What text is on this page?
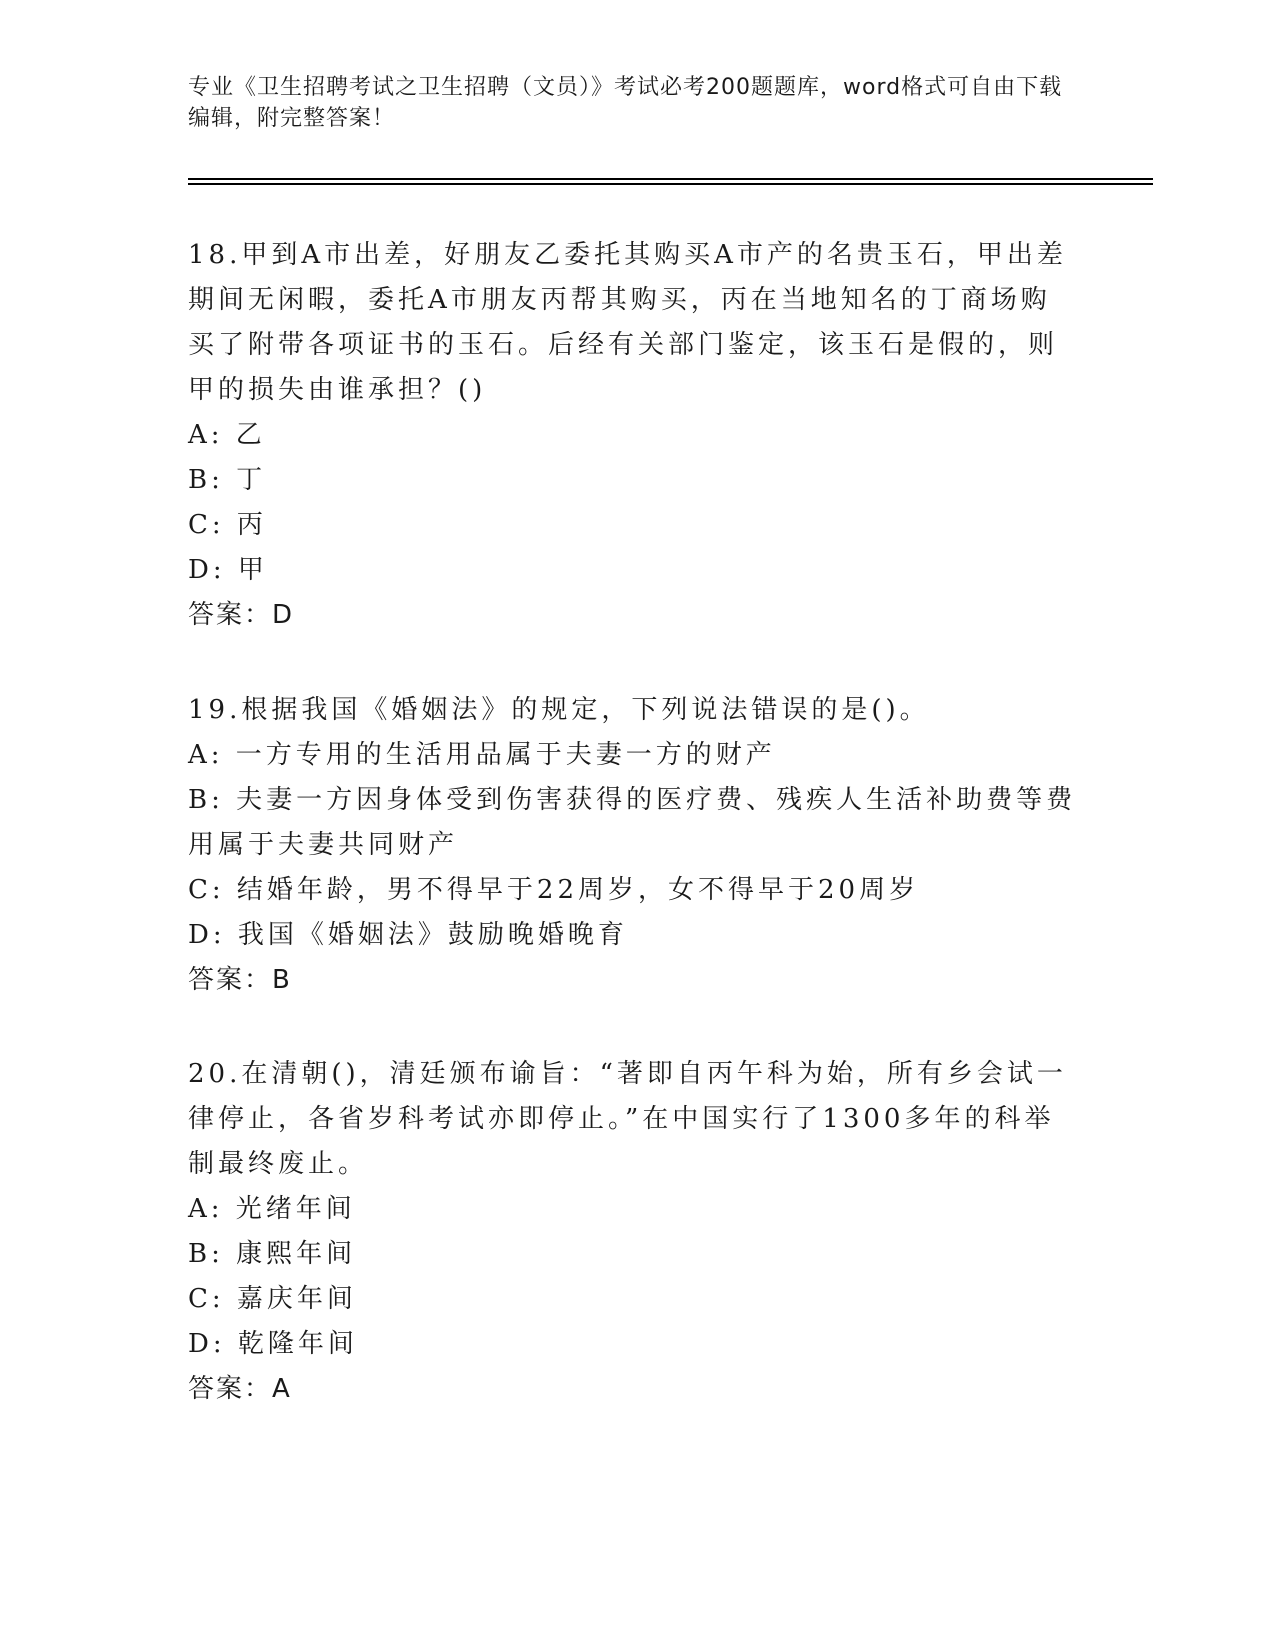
专业《卫生招聘考试之卫生招聘（文员）》考试必考200题题库，word格式可自由下载编辑，附完整答案！

18.甲到A市出差，好朋友乙委托其购买A市产的名贵玉石，甲出差期间无闲暇，委托A市朋友丙帮其购买，丙在当地知名的丁商场购买了附带各项证书的玉石。后经有关部门鉴定，该玉石是假的，则甲的损失由谁承担？()

A: 乙

B: 丁

C: 丙

D: 甲

答案：D

19.根据我国《婚姻法》的规定，下列说法错误的是()。

A: 一方专用的生活用品属于夫妻一方的财产

B: 夫妻一方因身体受到伤害获得的医疗费、残疾人生活补助费等费用属于夫妻共同财产

C: 结婚年龄，男不得早于22周岁，女不得早于20周岁

D: 我国《婚姻法》鼓励晚婚晚育

答案：B

20.在清朝()，清廷颁布谕旨：“著即自丙午科为始，所有乡会试一律停止，各省岁科考试亦即停止。”在中国实行了1300多年的科举制最终废止。

A: 光绪年间

B: 康熙年间

C: 嘉庆年间

D: 乾隆年间

答案：A
